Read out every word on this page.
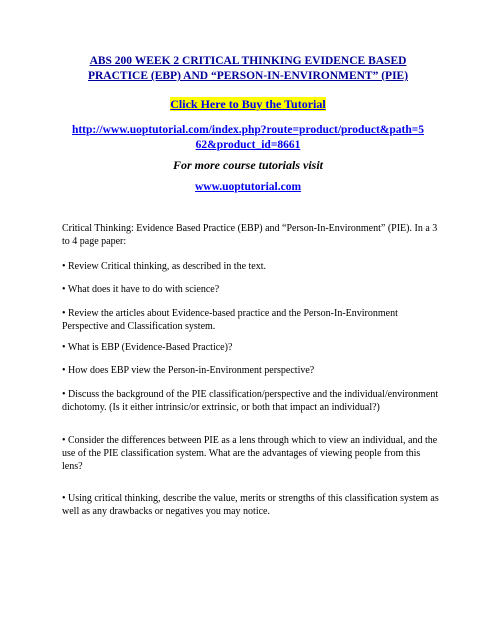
ABS 200 WEEK 2 CRITICAL THINKING EVIDENCE BASED PRACTICE (EBP) AND “PERSON-IN-ENVIRONMENT” (PIE)
Click Here to Buy the Tutorial
http://www.uoptutorial.com/index.php?route=product/product&path=562&product_id=8661
For more course tutorials visit
www.uoptutorial.com

Critical Thinking: Evidence Based Practice (EBP) and “Person-In-Environment” (PIE). In a 3 to 4 page paper:

• Review Critical thinking, as described in the text.

• What does it have to do with science?

• Review the articles about Evidence-based practice and the Person-In-Environment Perspective and Classification system.

• What is EBP (Evidence-Based Practice)?

• How does EBP view the Person-in-Environment perspective?

• Discuss the background of the PIE classification/perspective and the individual/environment dichotomy. (Is it either intrinsic/or extrinsic, or both that impact an individual?)

• Consider the differences between PIE as a lens through which to view an individual, and the use of the PIE classification system. What are the advantages of viewing people from this lens?

• Using critical thinking, describe the value, merits or strengths of this classification system as well as any drawbacks or negatives you may notice.
